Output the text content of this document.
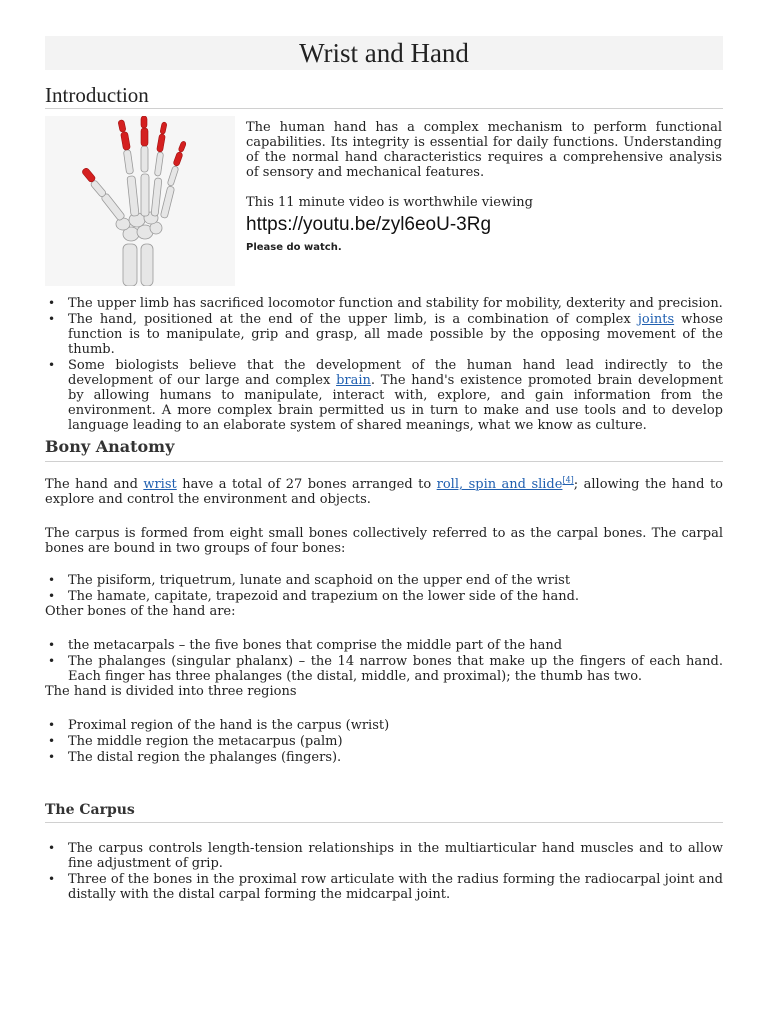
Wrist and Hand
Introduction

The human hand has a complex mechanism to perform functional capabilities. Its integrity is essential for daily functions. Understanding of the normal hand characteristics requires a comprehensive analysis of sensory and mechanical features.

This 11 minute video is worthwhile viewing

https://youtu.be/zyl6eoU-3Rg
Please do watch.
• The upper limb has sacrificed locomotor function and stability for mobility, dexterity and precision.
• The hand, positioned at the end of the upper limb, is a combination of complex joints whose function is to manipulate, grip and grasp, all made possible by the opposing movement of the thumb.
• Some biologists believe that the development of the human hand lead indirectly to the development of our large and complex brain. The hand's existence promoted brain development by allowing humans to manipulate, interact with, explore, and gain information from the environment. A more complex brain permitted us in turn to make and use tools and to develop language leading to an elaborate system of shared meanings, what we know as culture.
Bony Anatomy

The hand and wrist have a total of 27 bones arranged to roll, spin and slide[4]; allowing the hand to explore and control the environment and objects.

The carpus is formed from eight small bones collectively referred to as the carpal bones. The carpal bones are bound in two groups of four bones:

• The pisiform, triquetrum, lunate and scaphoid on the upper end of the wrist
• The hamate, capitate, trapezoid and trapezium on the lower side of the hand.

Other bones of the hand are:

• the metacarpals – the five bones that comprise the middle part of the hand
• The phalanges (singular phalanx) – the 14 narrow bones that make up the fingers of each hand. Each finger has three phalanges (the distal, middle, and proximal); the thumb has two.

The hand is divided into three regions

• Proximal region of the hand is the carpus (wrist)
• The middle region the metacarpus (palm)
• The distal region the phalanges (fingers).
The Carpus
• The carpus controls length-tension relationships in the multiarticular hand muscles and to allow fine adjustment of grip.
• Three of the bones in the proximal row articulate with the radius forming the radiocarpal joint and distally with the distal carpal forming the midcarpal joint.
